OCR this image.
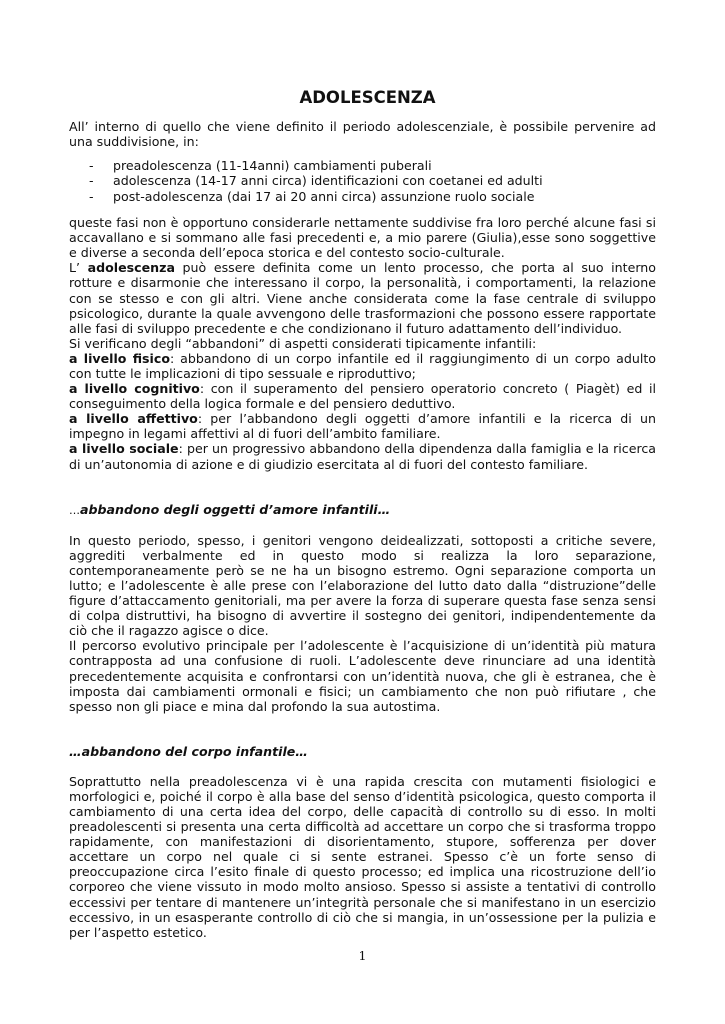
ADOLESCENZA

All’ interno di quello che viene definito il periodo adolescenziale, è possibile pervenire ad una suddivisione, in:

- preadolescenza (11-14anni) cambiamenti puberali
- adolescenza (14-17 anni circa) identificazioni con coetanei ed adulti
- post-adolescenza (dai 17 ai 20 anni circa) assunzione ruolo sociale

queste fasi non è opportuno considerarle nettamente suddivise fra loro perché alcune fasi si accavallano e si sommano alle fasi precedenti e, a mio parere (Giulia),esse sono soggettive e diverse a seconda dell’epoca storica e del contesto socio-culturale.

L’ adolescenza può essere definita come un lento processo, che porta al suo interno rotture e disarmonie che interessano il corpo, la personalità, i comportamenti, la relazione con se stesso e con gli altri. Viene anche considerata come la fase centrale di sviluppo psicologico, durante la quale avvengono delle trasformazioni che possono essere rapportate alle fasi di sviluppo precedente e che condizionano il futuro adattamento dell’individuo.

Si verificano degli “abbandoni” di aspetti considerati tipicamente infantili:

a livello fisico: abbandono di un corpo infantile ed il raggiungimento di un corpo adulto con tutte le implicazioni di tipo sessuale e riproduttivo;

a livello cognitivo: con il superamento del pensiero operatorio concreto ( Piagèt) ed il conseguimento della logica formale e del pensiero deduttivo.

a livello affettivo: per l’abbandono degli oggetti d’amore infantili e la ricerca di un impegno in legami affettivi al di fuori dell’ambito familiare.

a livello sociale: per un progressivo abbandono della dipendenza dalla famiglia e la ricerca di un’autonomia di azione e di giudizio esercitata al di fuori del contesto familiare.

…abbandono degli oggetti d’amore infantili…

In questo periodo, spesso, i genitori vengono deidealizzati, sottoposti a critiche severe, aggrediti verbalmente ed in questo modo si realizza la loro separazione, contemporaneamente però se ne ha un bisogno estremo. Ogni separazione comporta un lutto; e l’adolescente è alle prese con l’elaborazione del lutto dato dalla “distruzione”delle figure d’attaccamento genitoriali, ma per avere la forza di superare questa fase senza sensi di colpa distruttivi, ha bisogno di avvertire il sostegno dei genitori, indipendentemente da ciò che il ragazzo agisce o dice.

Il percorso evolutivo principale per l’adolescente è l’acquisizione di un’identità più matura contrapposta ad una confusione di ruoli. L’adolescente deve rinunciare ad una identità precedentemente acquisita e confrontarsi con un’identità nuova, che gli è estranea, che è imposta dai cambiamenti ormonali e fisici; un cambiamento che non può rifiutare , che spesso non gli piace e mina dal profondo la sua autostima.

…abbandono del corpo infantile…

Soprattutto nella preadolescenza vi è una rapida crescita con mutamenti fisiologici e morfologici e, poiché il corpo è alla base del senso d’identità psicologica, questo comporta il cambiamento di una certa idea del corpo, delle capacità di controllo su di esso. In molti preadolescenti si presenta una certa difficoltà ad accettare un corpo che si trasforma troppo rapidamente, con manifestazioni di disorientamento, stupore, sofferenza per dover accettare un corpo nel quale ci si sente estranei. Spesso c’è un forte senso di preoccupazione circa l’esito finale di questo processo; ed implica una ricostruzione dell’io corporeo che viene vissuto in modo molto ansioso. Spesso si assiste a tentativi di controllo eccessivi per tentare di mantenere un’integrità personale che si manifestano in un esercizio eccessivo, in un esasperante controllo di ciò che si mangia, in un’ossessione per la pulizia e per l’aspetto estetico.

1
